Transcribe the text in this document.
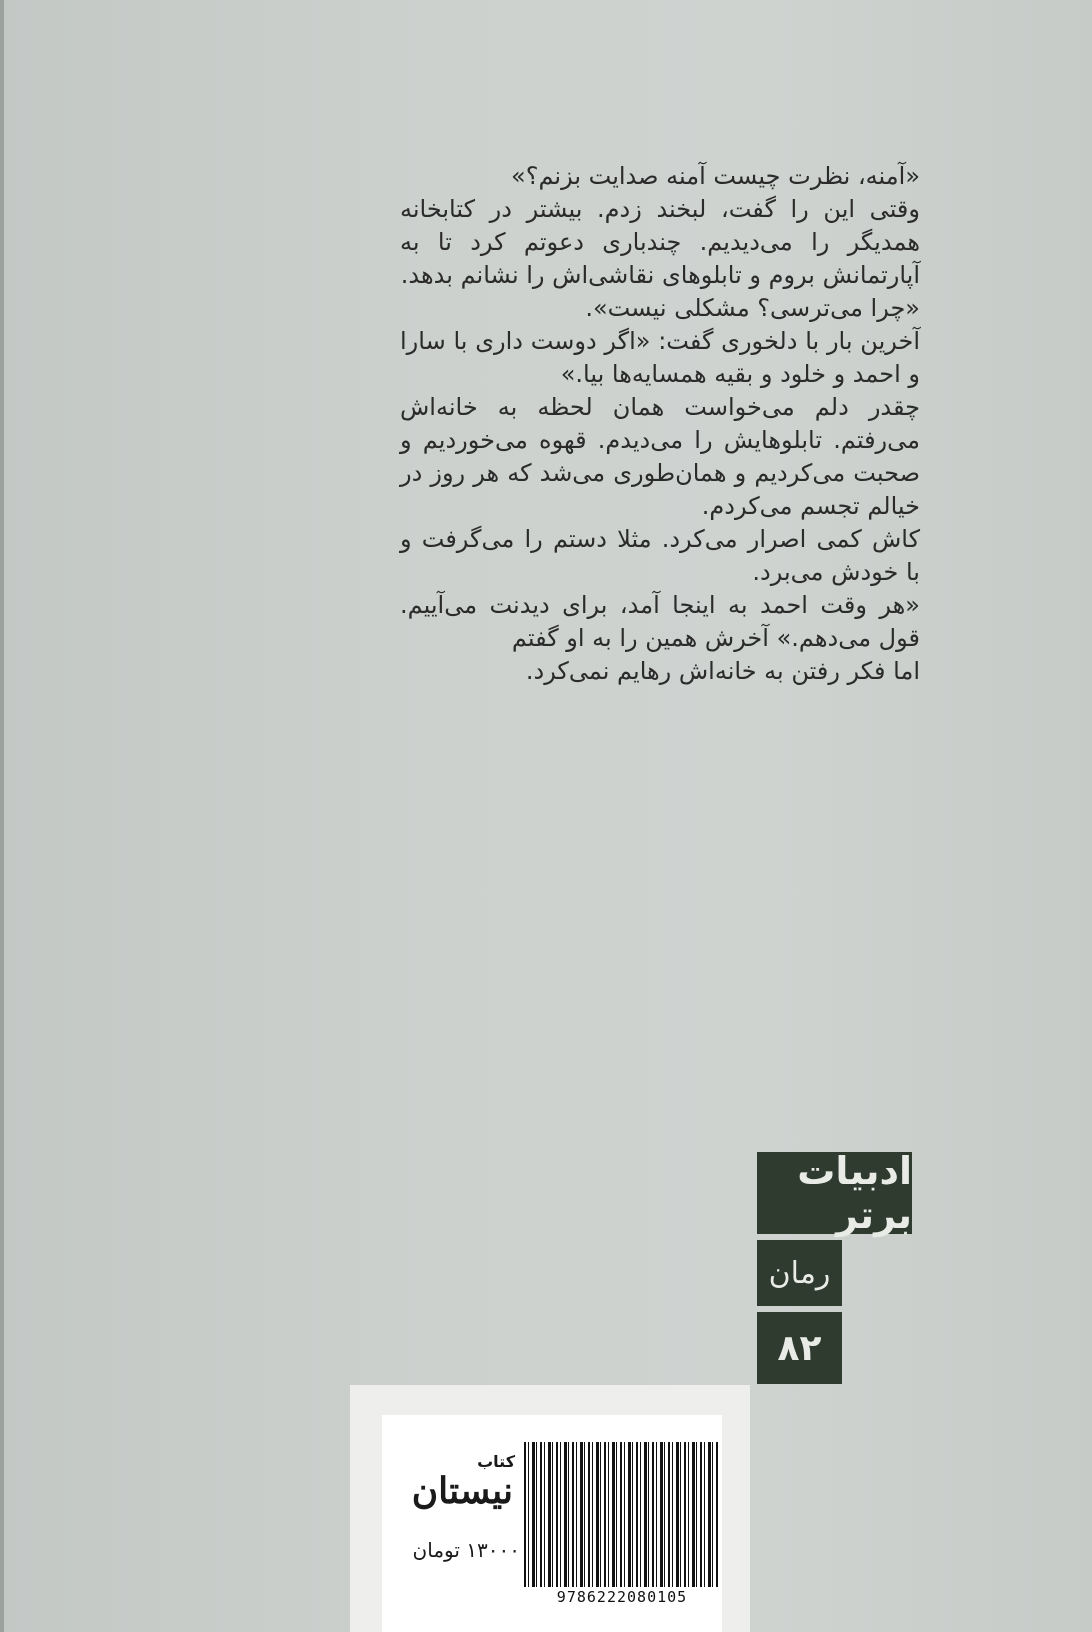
«آمنه، نظرت چیست آمنه صدایت بزنم؟»

وقتی این را گفت، لبخند زدم. بیشتر در کتابخانه همدیگر را می‌دیدیم. چندباری دعوتم کرد تا به آپارتمانش بروم و تابلوهای نقاشی‌اش را نشانم بدهد.

«چرا می‌ترسی؟ مشکلی نیست».

آخرین بار با دلخوری گفت: «اگر دوست داری با سارا و احمد و خلود و بقیه همسایه‌ها بیا.»

چقدر دلم می‌خواست همان لحظه به خانه‌اش می‌رفتم. تابلوهایش را می‌دیدم. قهوه می‌خوردیم و صحبت می‌کردیم و همان‌طوری می‌شد که هر روز در خیالم تجسم می‌کردم.

کاش کمی اصرار می‌کرد. مثلا دستم را می‌گرفت و با خودش می‌برد.

«هر وقت احمد به اینجا آمد، برای دیدنت می‌آییم. قول می‌دهم.» آخرش همین را به او گفتم

اما فکر رفتن به خانه‌اش رهایم نمی‌کرد.

ادبیات برتر
رمان
۸۲
کتاب
نیستان
۱۳۰۰۰ تومان
9786222080105
